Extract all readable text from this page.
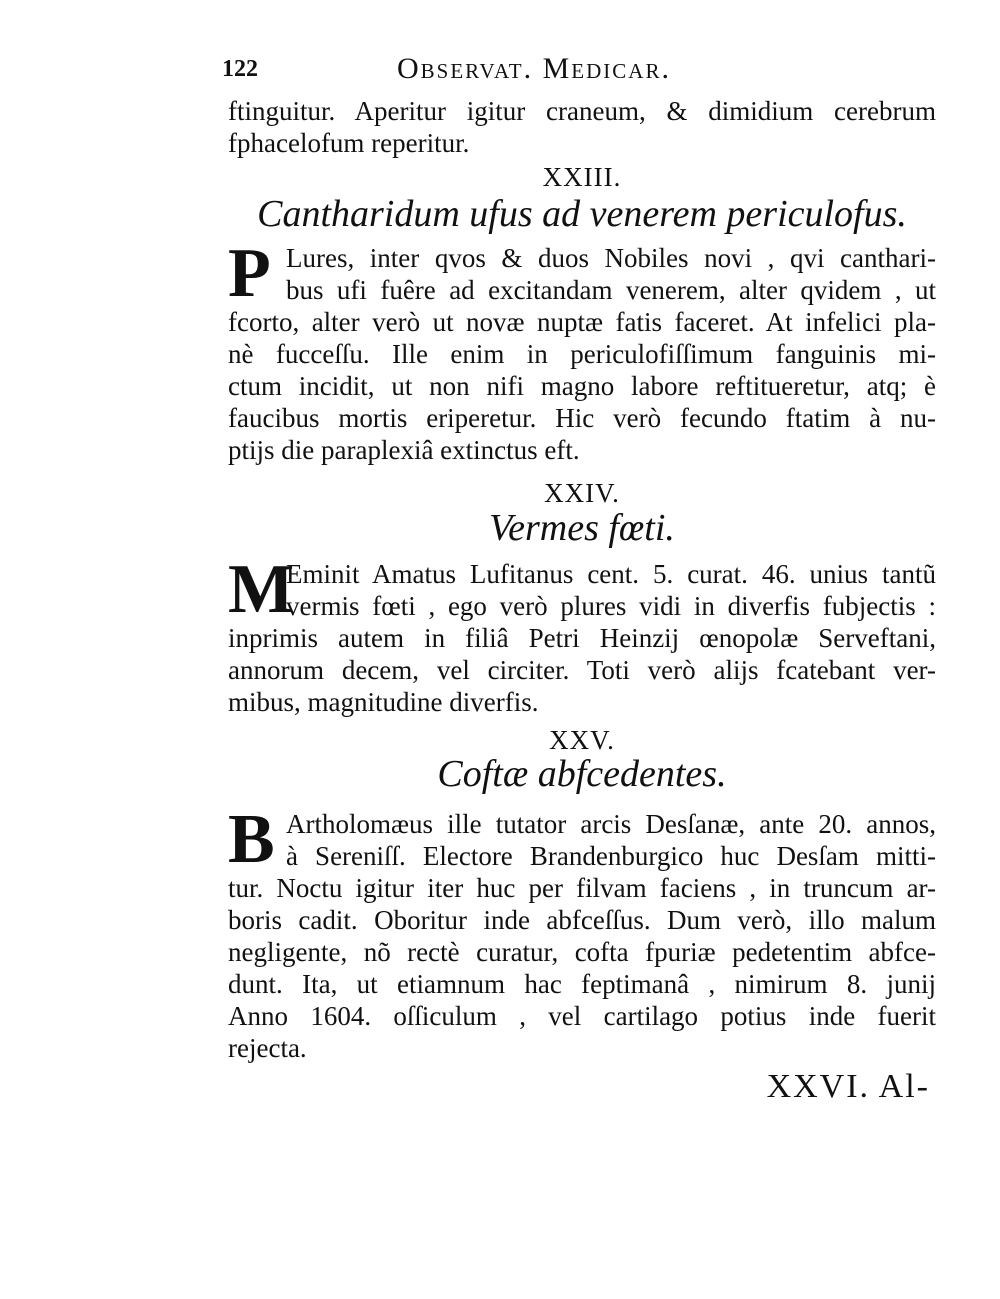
122	Observat. Medicar.
ftinguitur. Aperitur igitur craneum, & dimidium cerebrum
fphacelofum reperitur.
XXIII.
Cantharidum ufus ad venerem periculofus.
P Lures, inter qvos & duos Nobiles novi , qvi canthari-
bus ufi fuêre ad excitandam venerem, alter qvidem , ut
fcorto, alter verò ut novæ nuptæ fatis faceret. At infelici pla-
nè fucceſſu. Ille enim in periculofiſſimum fanguinis mi-
ctum incidit, ut non nifi magno labore reftitueretur, atq; è
faucibus mortis eriperetur. Hic verò fecundo ftatim à nu-
ptijs die paraplexiâ extinctus eft.
XXIV.
Vermes fœti.
M
Eminit Amatus Lufitanus cent. 5. curat. 46. unius tantũ
vermis fœti , ego verò plures vidi in diverfis fubjectis :
inprimis autem in filiâ Petri Heinzij œnopolæ Serveftani,
annorum decem, vel circiter. Toti verò alijs fcatebant ver-
mibus, magnitudine diverfis.
XXV.
Coftæ abfcedentes.
B Artholomæus ille tutator arcis Desſanæ, ante 20. annos,
à Sereniſſ. Electore Brandenburgico huc Desſam mitti-
tur. Noctu igitur iter huc per filvam faciens , in truncum ar-
boris cadit. Oboritur inde abfceſſus. Dum verò, illo malum
negligente, nõ rectè curatur, cofta fpuriæ pedetentim abfce-
dunt. Ita, ut etiamnum hac feptimanâ , nimirum 8. junij
Anno 1604. oſſiculum , vel cartilago potius inde fuerit
rejecta.
XXVI. Al-
